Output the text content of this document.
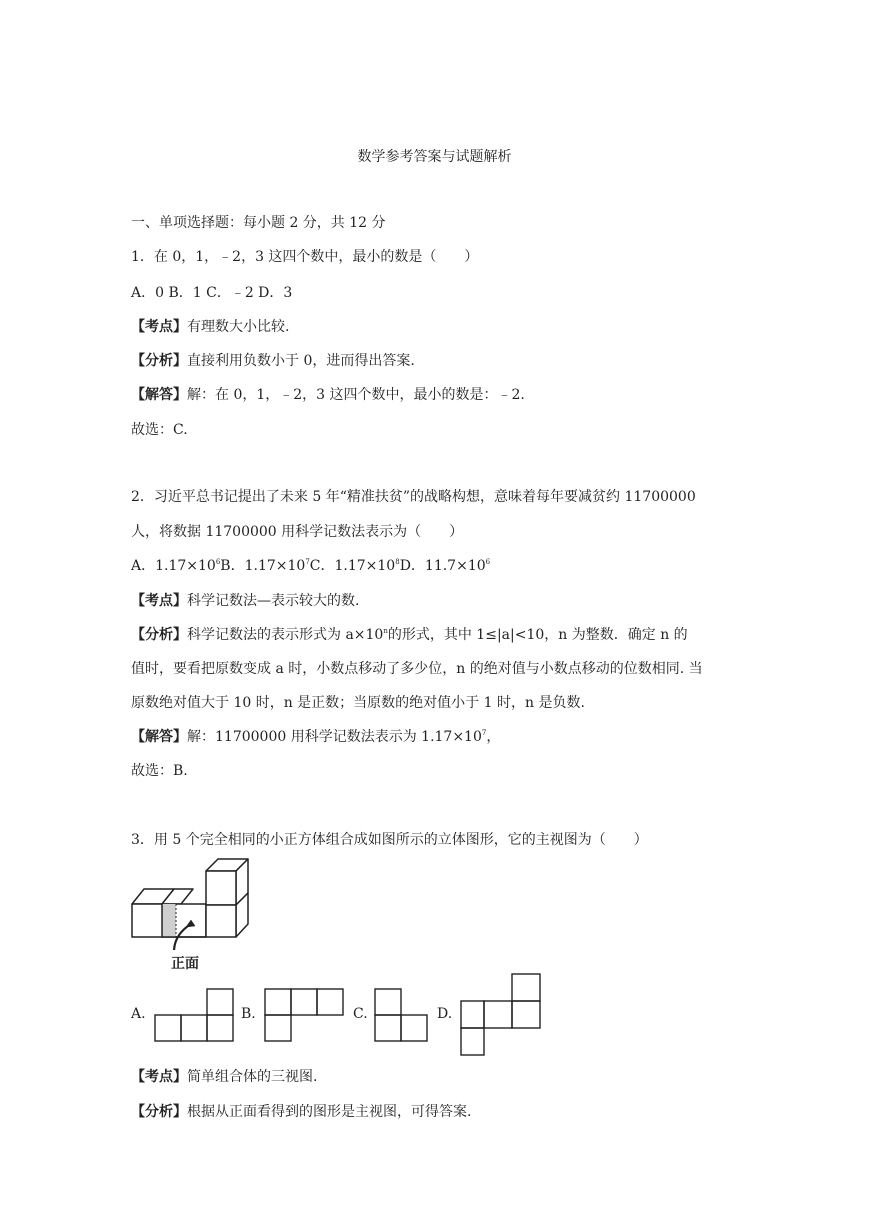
数学参考答案与试题解析
一、单项选择题：每小题 2 分，共 12 分
1．在 0，1，﹣2，3 这四个数中，最小的数是（　　）
A．0 B．1 C．﹣2 D．3
【考点】有理数大小比较.
【分析】直接利用负数小于 0，进而得出答案.
【解答】解：在 0，1，﹣2，3 这四个数中，最小的数是：﹣2.
故选：C.
2．习近平总书记提出了未来 5 年“精准扶贫”的战略构想，意味着每年要减贫约 11700000
人，将数据 11700000 用科学记数法表示为（　　）
A．$1.17\times 10^6B$．$1.17\times 10^7C$．$1.17\times 10^8D$．$11.7\times 10^6$
【考点】科学记数法—表示较大的数.
【分析】科学记数法的表示形式为 $a\times 10^n$的形式，其中 1≤|a|<10，n 为整数．确定 n 的
值时，要看把原数变成 a 时，小数点移动了多少位，n 的绝对值与小数点移动的位数相同. 当
原数绝对值大于 10 时，n 是正数；当原数的绝对值小于 1 时，n 是负数.
【解答】解：11700000 用科学记数法表示为 $1.17\times 10^7$，
故选：B.
3．用 5 个完全相同的小正方体组合成如图所示的立体图形，它的主视图为（　　）
正面
A.	B.	C.	D.
【考点】简单组合体的三视图.
【分析】根据从正面看得到的图形是主视图，可得答案.
